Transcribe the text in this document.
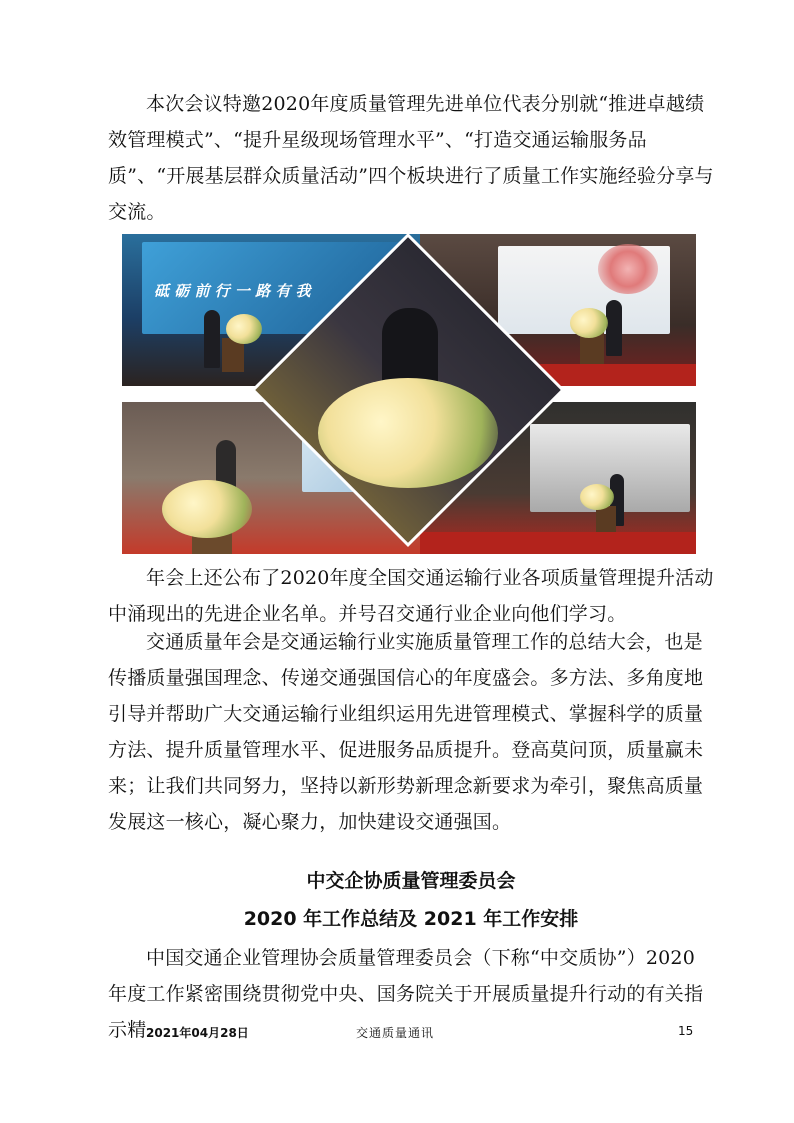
本次会议特邀2020年度质量管理先进单位代表分别就“推进卓越绩效管理模式”、“提升星级现场管理水平”、“打造交通运输服务品质”、“开展基层群众质量活动”四个板块进行了质量工作实施经验分享与交流。

砥 砺 前 行 一 路 有 我

年会上还公布了2020年度全国交通运输行业各项质量管理提升活动中涌现出的先进企业名单。并号召交通行业企业向他们学习。

交通质量年会是交通运输行业实施质量管理工作的总结大会，也是传播质量强国理念、传递交通强国信心的年度盛会。多方法、多角度地引导并帮助广大交通运输行业组织运用先进管理模式、掌握科学的质量方法、提升质量管理水平、促进服务品质提升。登高莫问顶，质量赢未来；让我们共同努力，坚持以新形势新理念新要求为牵引，聚焦高质量发展这一核心，凝心聚力，加快建设交通强国。

中交企协质量管理委员会
2020 年工作总结及 2021 年工作安排

中国交通企业管理协会质量管理委员会（下称“中交质协”）2020年度工作紧密围绕贯彻党中央、国务院关于开展质量提升行动的有关指示精 2021年04月28日	交通质量通讯	15
